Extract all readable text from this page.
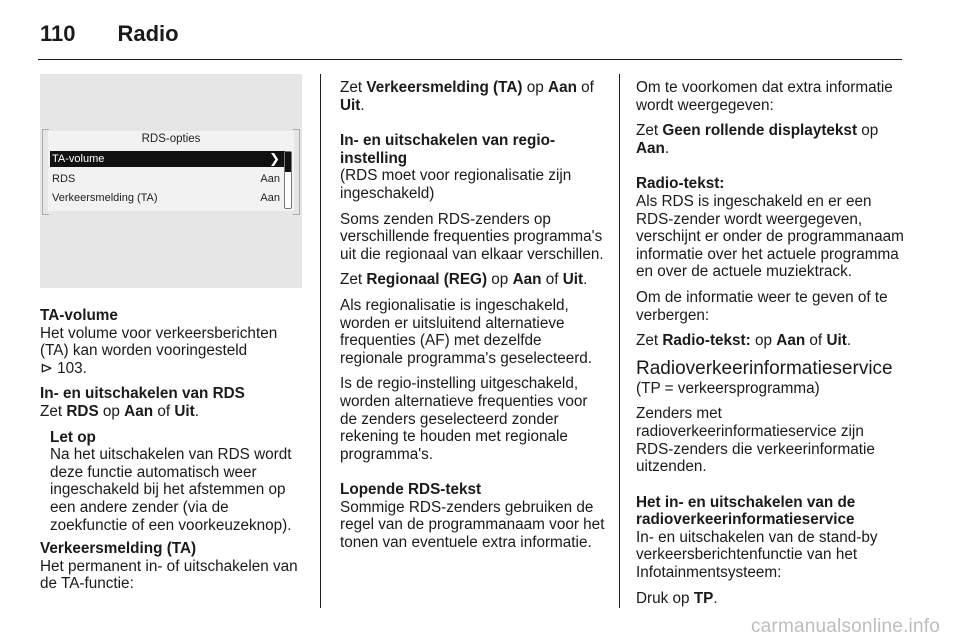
110 Radio
RDS-opties
TA-volume	❯
RDS	Aan
Verkeersmelding (TA)	Aan
TA-volume

Het volume voor verkeersberichten (TA) kan worden vooringesteld

⊳ 103.

In- en uitschakelen van RDS

Zet RDS op Aan of Uit.

Let op

Na het uitschakelen van RDS wordt deze functie automatisch weer ingeschakeld bij het afstemmen op een andere zender (via de zoekfunctie of een voorkeuzeknop).

Verkeersmelding (TA)

Het permanent in- of uitschakelen van de TA-functie:

Zet Verkeersmelding (TA) op Aan of Uit.

In- en uitschakelen van regio-instelling

(RDS moet voor regionalisatie zijn ingeschakeld)

Soms zenden RDS-zenders op verschillende frequenties programma's uit die regionaal van elkaar verschillen.

Zet Regionaal (REG) op Aan of Uit.

Als regionalisatie is ingeschakeld, worden er uitsluitend alternatieve frequenties (AF) met dezelfde regionale programma's geselecteerd.

Is de regio-instelling uitgeschakeld, worden alternatieve frequenties voor de zenders geselecteerd zonder rekening te houden met regionale programma's.

Lopende RDS-tekst

Sommige RDS-zenders gebruiken de regel van de programmanaam voor het tonen van eventuele extra informatie.

Om te voorkomen dat extra informatie wordt weergegeven:

Zet Geen rollende displaytekst op Aan.

Radio-tekst:

Als RDS is ingeschakeld en er een RDS-zender wordt weergegeven, verschijnt er onder de programmanaam informatie over het actuele programma en over de actuele muziektrack.

Om de informatie weer te geven of te verbergen:

Zet Radio-tekst: op Aan of Uit.

Radioverkeerinformatieservice

(TP = verkeersprogramma)

Zenders met radioverkeerinformatieservice zijn RDS-zenders die verkeerinformatie uitzenden.

Het in- en uitschakelen van de radioverkeerinformatieservice

In- en uitschakelen van de stand-by verkeersberichtenfunctie van het Infotainmentsysteem:

Druk op TP.

carmanualsonline.info
